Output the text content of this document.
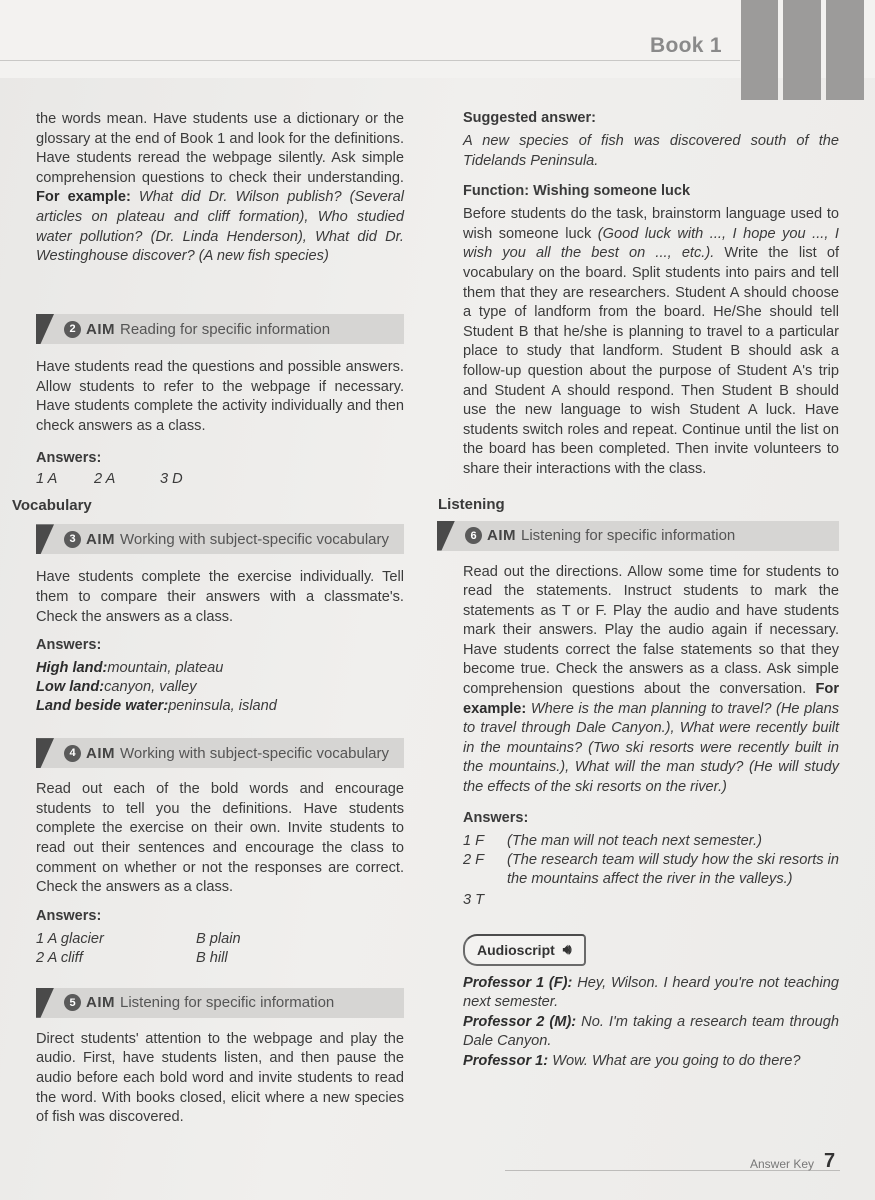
Book 1

the words mean. Have students use a dictionary or the glossary at the end of Book 1 and look for the definitions. Have students reread the webpage silently. Ask simple comprehension questions to check their understanding. For example: What did Dr. Wilson publish? (Several articles on plateau and cliff formation), Who studied water pollution? (Dr. Linda Henderson), What did Dr. Westinghouse discover? (A new fish species)

2 AIM Reading for specific information

Have students read the questions and possible answers. Allow students to refer to the webpage if necessary. Have students complete the activity individually and then check answers as a class.

Answers:

1 A	2 A	3 D
Vocabulary
3 AIM Working with subject-specific vocabulary

Have students complete the exercise individually. Tell them to compare their answers with a classmate's. Check the answers as a class.

Answers:

High land: mountain, plateau
Low land: canyon, valley
Land beside water: peninsula, island
4 AIM Working with subject-specific vocabulary

Read out each of the bold words and encourage students to tell you the definitions. Have students complete the exercise on their own. Invite students to read out their sentences and encourage the class to comment on whether or not the responses are correct. Check the answers as a class.

Answers:

1 A glacier	B plain
2 A cliff	B hill
5 AIM Listening for specific information

Direct students' attention to the webpage and play the audio. First, have students listen, and then pause the audio before each bold word and invite students to read the word. With books closed, elicit where a new species of fish was discovered.

Suggested answer:

A new species of fish was discovered south of the Tidelands Peninsula.

Function: Wishing someone luck

Before students do the task, brainstorm language used to wish someone luck (Good luck with ..., I hope you ..., I wish you all the best on ..., etc.). Write the list of vocabulary on the board. Split students into pairs and tell them that they are researchers. Student A should choose a type of landform from the board. He/She should tell Student B that he/she is planning to travel to a particular place to study that landform. Student B should ask a follow-up question about the purpose of Student A's trip and Student A should respond. Then Student B should use the new language to wish Student A luck. Have students switch roles and repeat. Continue until the list on the board has been completed. Then invite volunteers to share their interactions with the class.

Listening
6 AIM Listening for specific information

Read out the directions. Allow some time for students to read the statements. Instruct students to mark the statements as T or F. Play the audio and have students mark their answers. Play the audio again if necessary. Have students correct the false statements so that they become true. Check the answers as a class. Ask simple comprehension questions about the conversation. For example: Where is the man planning to travel? (He plans to travel through Dale Canyon.), What were recently built in the mountains? (Two ski resorts were recently built in the mountains.), What will the man study? (He will study the effects of the ski resorts on the river.)

Answers:

1 F	(The man will not teach next semester.)
2 F	(The research team will study how the ski resorts in the mountains affect the river in the valleys.)
3 T
Audioscript 🔊︎

Professor 1 (F): Hey, Wilson. I heard you're not teaching next semester.

Professor 2 (M): No. I'm taking a research team through Dale Canyon.

Professor 1: Wow. What are you going to do there?

Answer Key 7
